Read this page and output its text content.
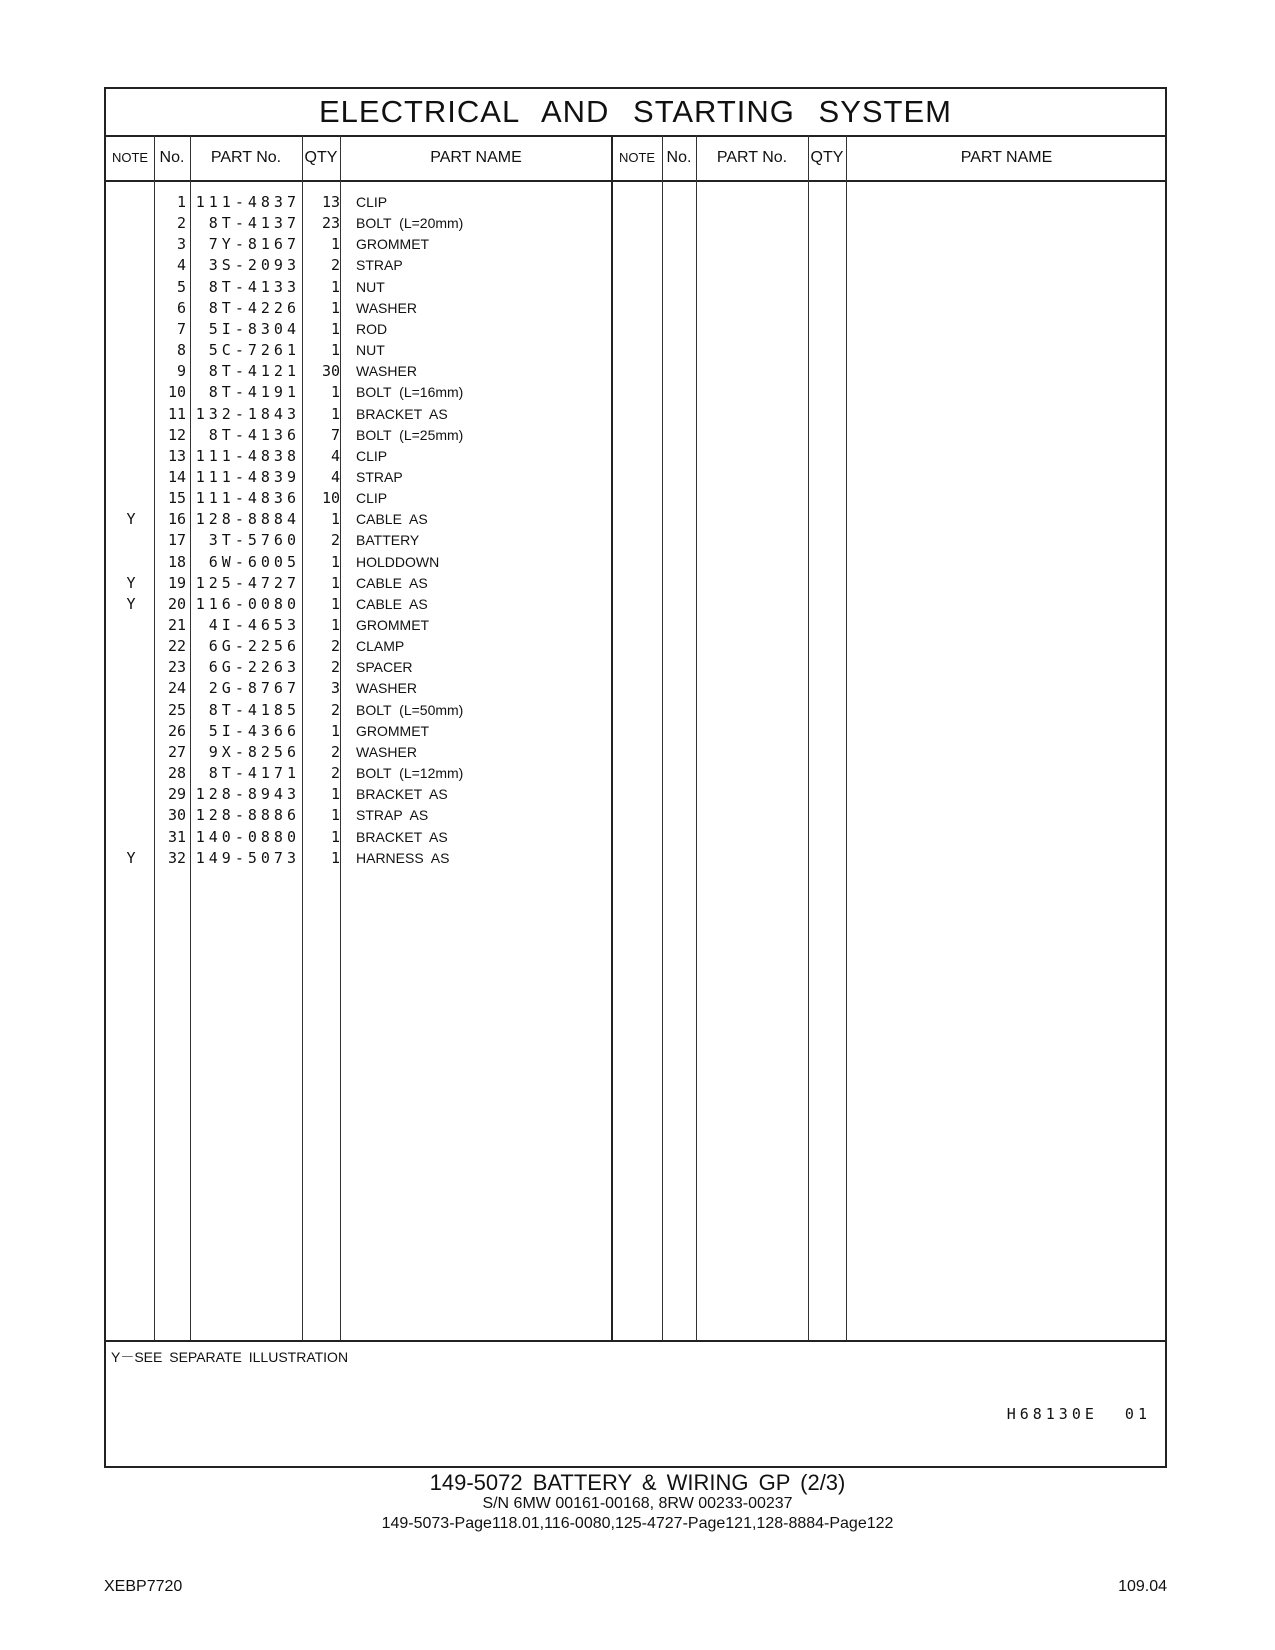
ELECTRICAL AND STARTING SYSTEM
NOTE No.	PART No.	QTY	PART NAME	NOTE No.	PART No.	QTY	PART NAME
1 111-4837	13 CLIP
2	8T-4137	23 BOLT (L=20mm)
3	7Y-8167	1 GROMMET
4	3S-2093	2 STRAP
5	8T-4133	1 NUT
6	8T-4226	1 WASHER
7	5I-8304	1 ROD
8	5C-7261	1 NUT
9	8T-4121	30 WASHER
10	8T-4191	1 BOLT (L=16mm)
11 132-1843	1 BRACKET AS
12	8T-4136	7 BOLT (L=25mm)
13 111-4838	4 CLIP
14 111-4839	4 STRAP
15 111-4836	10 CLIP
Y	16 128-8884	1 CABLE AS
17	3T-5760	2 BATTERY
18	6W-6005	1 HOLDDOWN
Y	19 125-4727	1 CABLE AS
Y	20 116-0080	1 CABLE AS
21	4I-4653	1 GROMMET
22	6G-2256	2 CLAMP
23	6G-2263	2 SPACER
24	2G-8767	3 WASHER
25	8T-4185	2 BOLT (L=50mm)
26	5I-4366	1 GROMMET
27	9X-8256	2 WASHER
28	8T-4171	2 BOLT (L=12mm)
29 128-8943	1 BRACKET AS
30 128-8886	1 STRAP AS
31 140-0880	1 BRACKET AS
Y	32 149-5073	1 HARNESS AS
Y－SEE SEPARATE ILLUSTRATION
H68130E 01
149-5072 BATTERY & WIRING GP (2/3)
S/N 6MW 00161-00168, 8RW 00233-00237
149-5073-Page118.01,116-0080,125-4727-Page121,128-8884-Page122
XEBP7720	109.04
